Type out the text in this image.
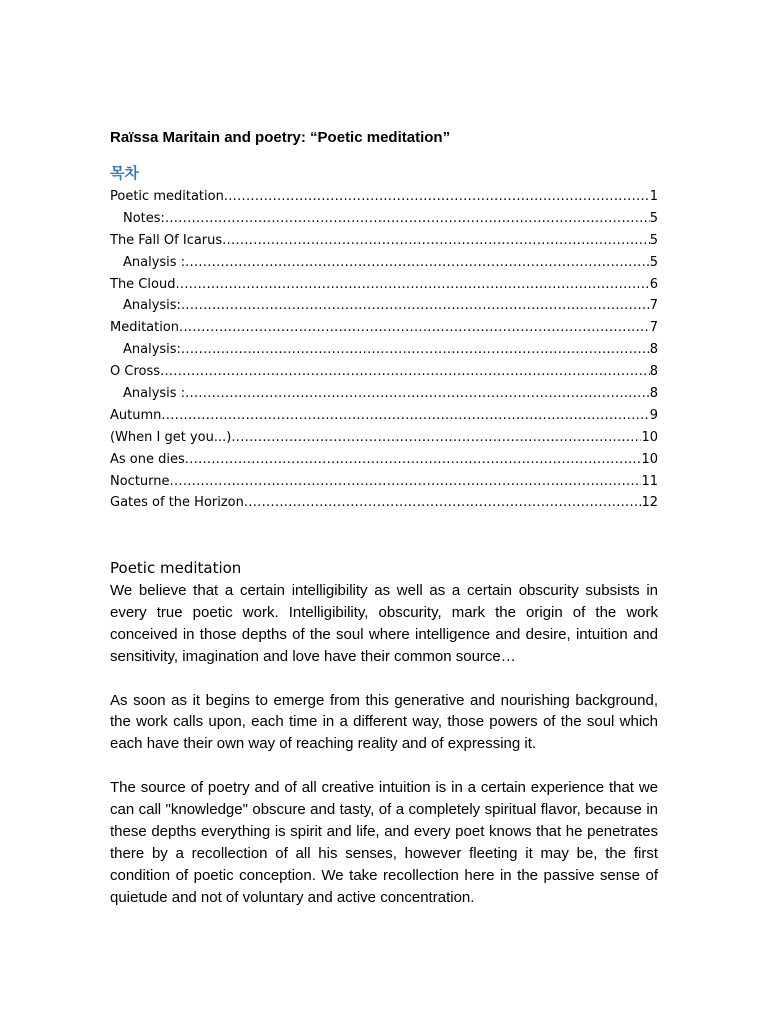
Raïssa Maritain and poetry: “Poetic meditation”
목차
Poetic meditation .....	1
Notes: .....	5
The Fall Of Icarus .....	5
Analysis : .....	5
The Cloud .....	6
Analysis: .....	7
Meditation .....	7
Analysis: .....	8
O Cross .....	8
Analysis : .....	8
Autumn .....	9
(When I get you...) .....	10
As one dies .....	10
Nocturne .....	11
Gates of the Horizon .....	12
Poetic meditation

We believe that a certain intelligibility as well as a certain obscurity subsists in every true poetic work. Intelligibility, obscurity, mark the origin of the work conceived in those depths of the soul where intelligence and desire, intuition and sensitivity, imagination and love have their common source…

As soon as it begins to emerge from this generative and nourishing background, the work calls upon, each time in a different way, those powers of the soul which each have their own way of reaching reality and of expressing it.

The source of poetry and of all creative intuition is in a certain experience that we can call "knowledge" obscure and tasty, of a completely spiritual flavor, because in these depths everything is spirit and life, and every poet knows that he penetrates there by a recollection of all his senses, however fleeting it may be, the first condition of poetic conception. We take recollection here in the passive sense of quietude and not of voluntary and active concentration.
